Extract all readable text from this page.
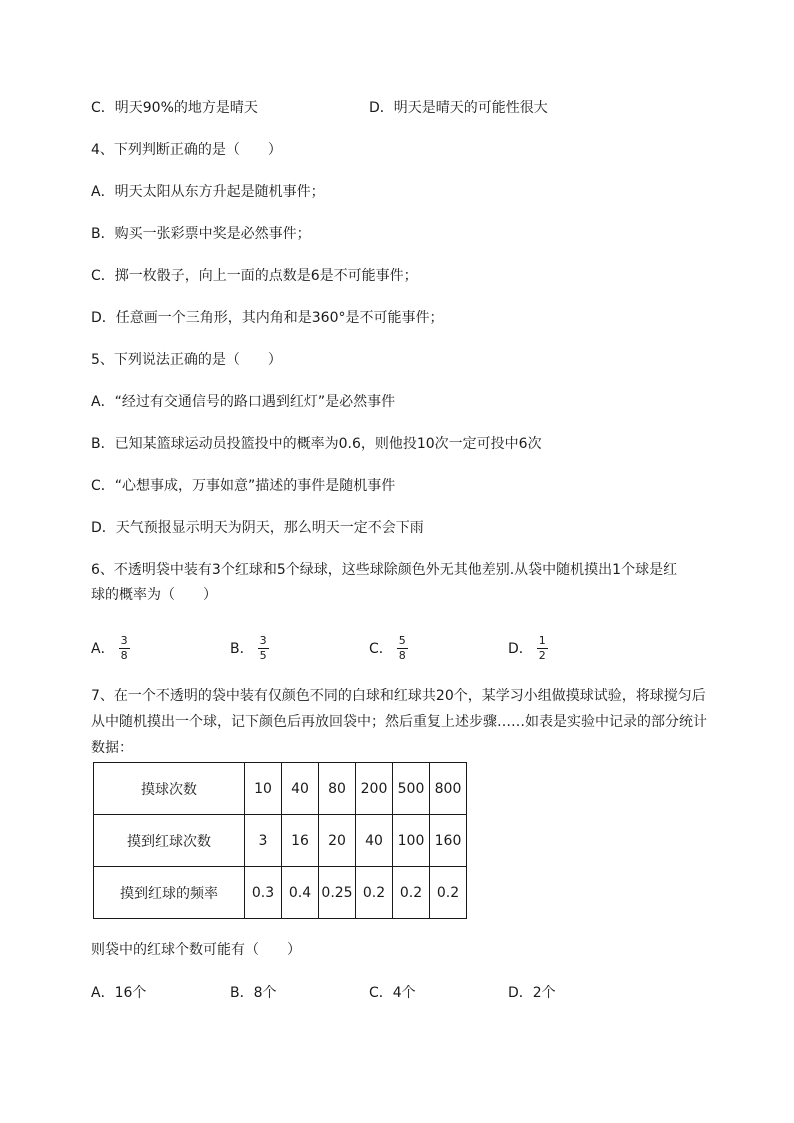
C．明天90%的地方是晴天	D．明天是晴天的可能性很大
4、下列判断正确的是（　　）
A．明天太阳从东方升起是随机事件；
B．购买一张彩票中奖是必然事件；
C．掷一枚骰子，向上一面的点数是6是不可能事件；
D．任意画一个三角形，其内角和是360°是不可能事件；
5、下列说法正确的是（　　）
A．“经过有交通信号的路口遇到红灯”是必然事件
B．已知某篮球运动员投篮投中的概率为0.6，则他投10次一定可投中6次
C．“心想事成，万事如意”描述的事件是随机事件
D．天气预报显示明天为阴天，那么明天一定不会下雨
6、不透明袋中装有3个红球和5个绿球，这些球除颜色外无其他差别.从袋中随机摸出1个球是红
球的概率为（　　）
A． $\frac{3}{8}$	B． $\frac{3}{5}$	C． $\frac{5}{8}$	D． $\frac{1}{2}$
7、在一个不透明的袋中装有仅颜色不同的白球和红球共20个，某学习小组做摸球试验，将球搅匀后
从中随机摸出一个球，记下颜色后再放回袋中；然后重复上述步骤……如表是实验中记录的部分统计
数据：
摸球次数	10	40	80	200	500	800
摸到红球次数	3	16	20	40	100	160
摸到红球的频率	0.3	0.4	0.25	0.2	0.2	0.2
则袋中的红球个数可能有（　　）
A．16个	B．8个	C．4个	D．2个
